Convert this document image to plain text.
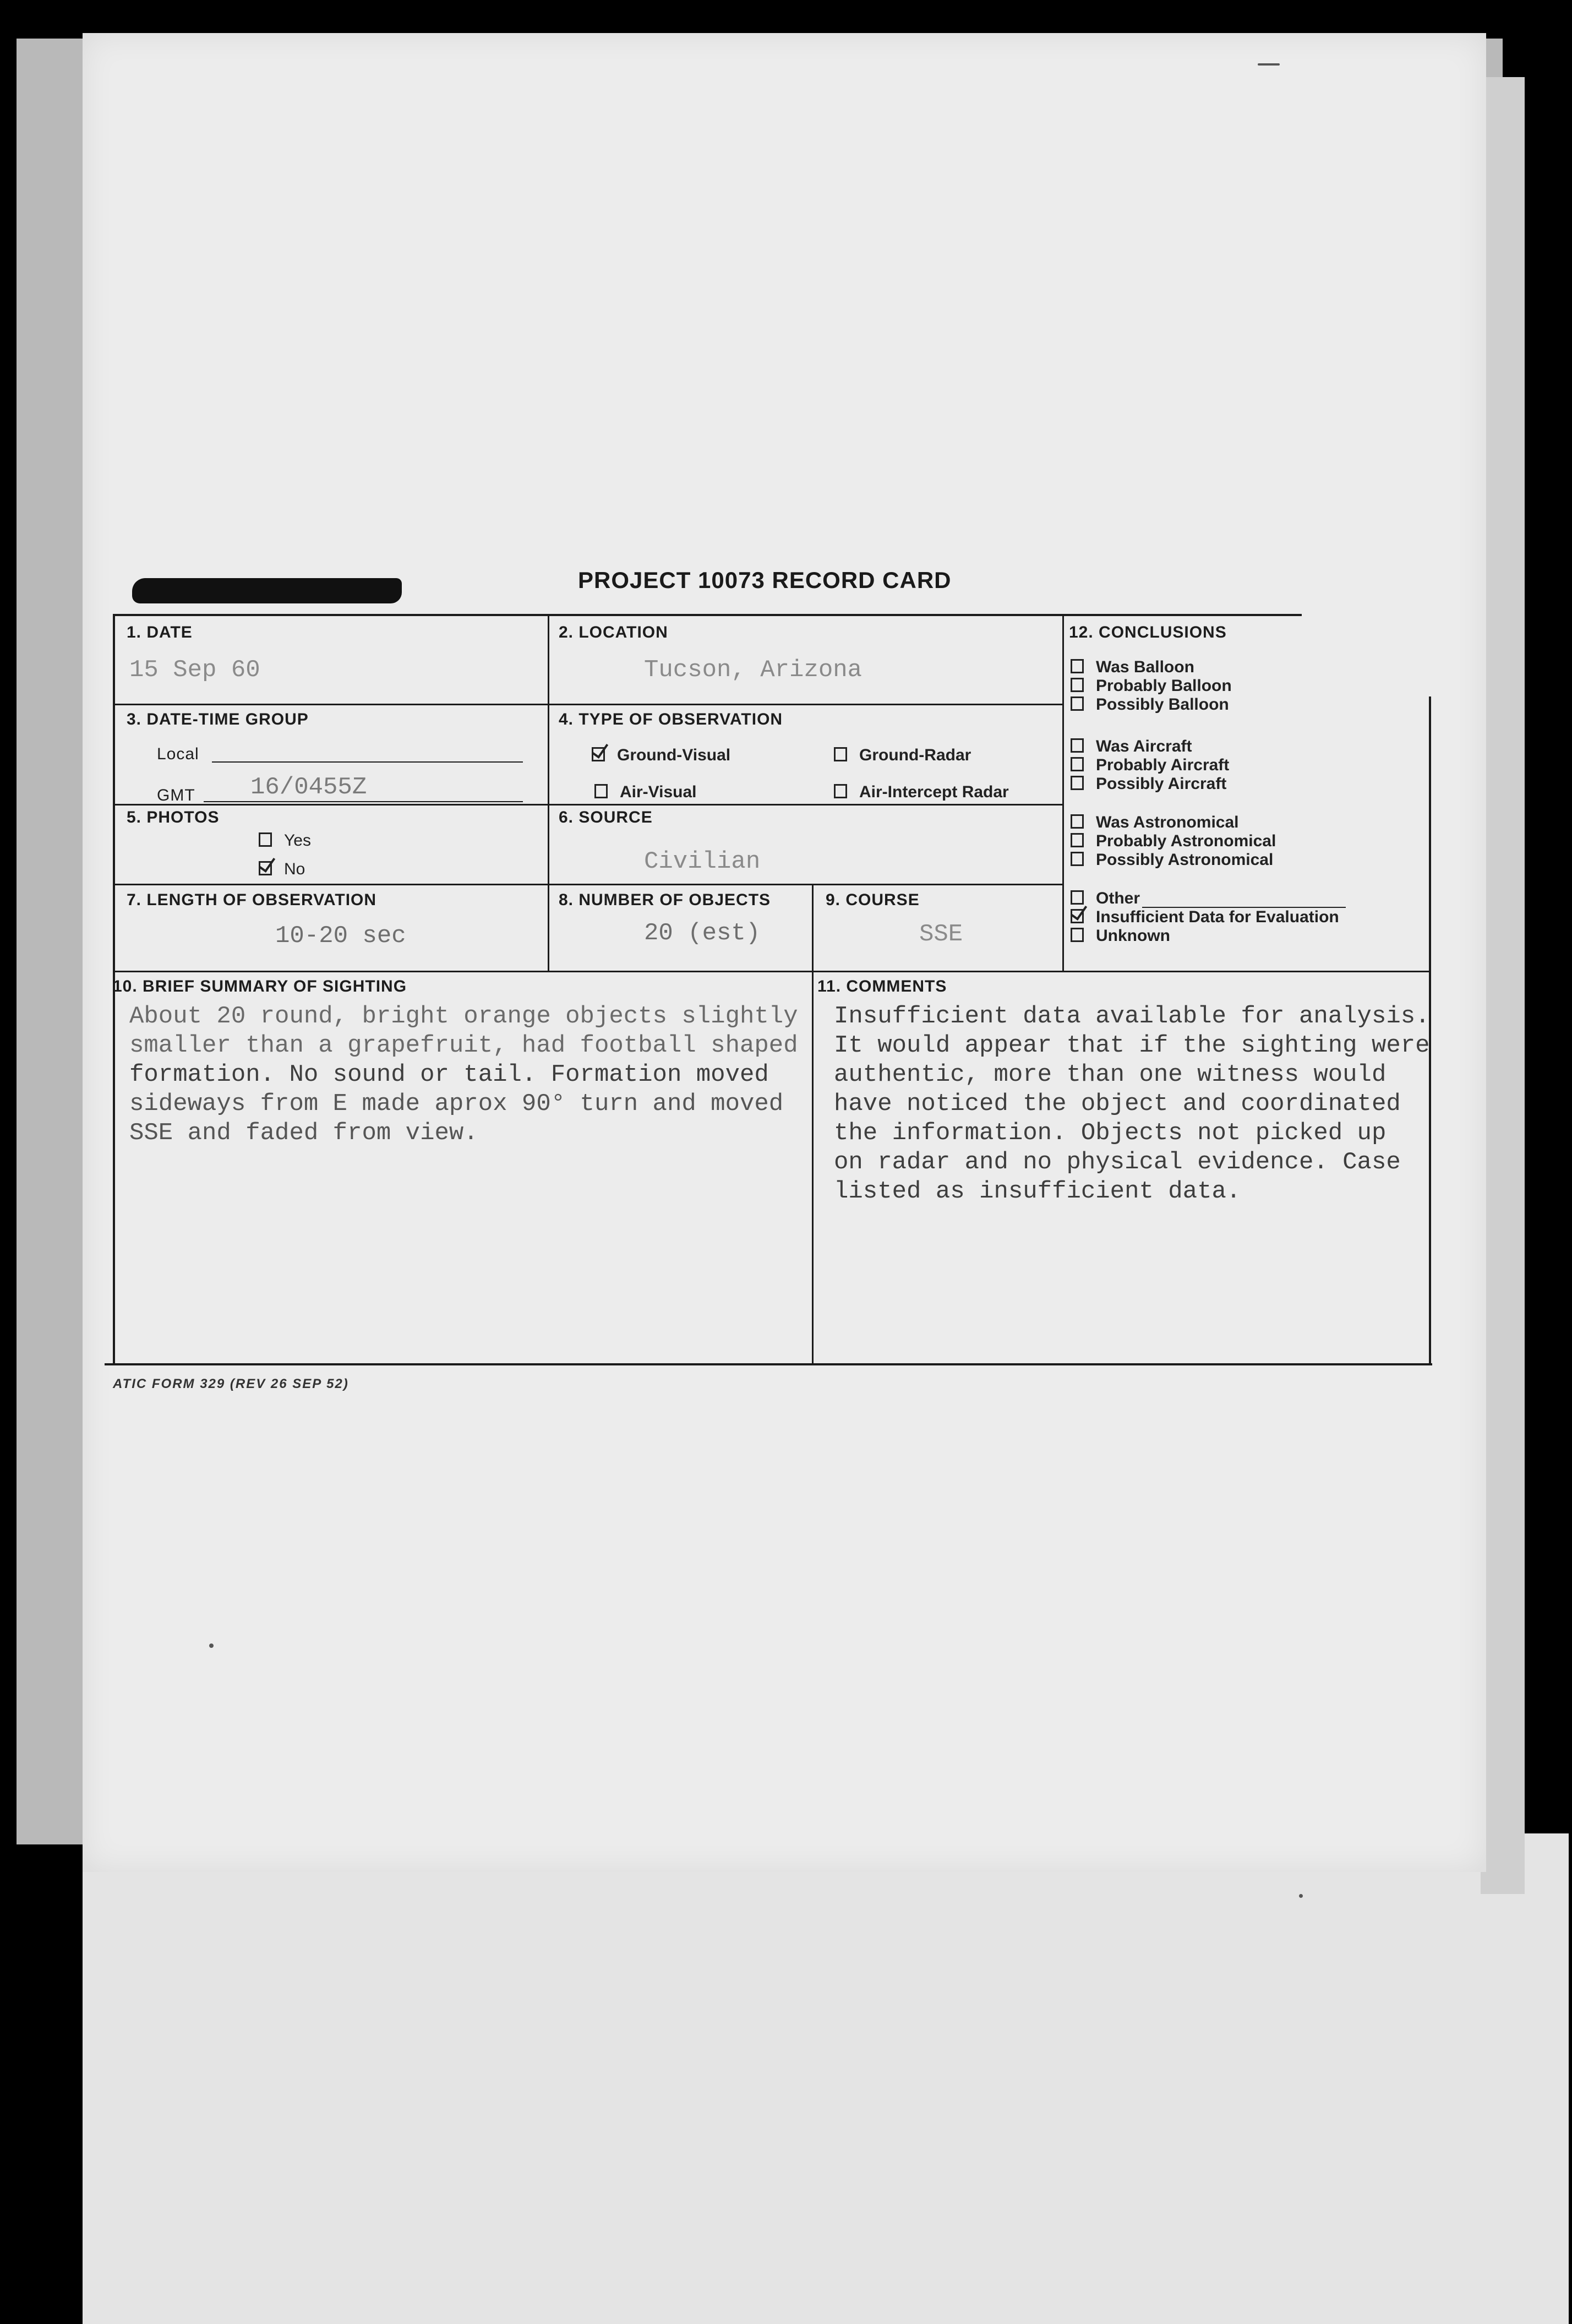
PROJECT 10073 RECORD CARD
1. DATE
15 Sep 60
2. LOCATION
Tucson, Arizona
3. DATE-TIME GROUP
Local
GMT 16/0455Z
4. TYPE OF OBSERVATION
Ground-Visual	Ground-Radar
Air-Visual	Air-Intercept Radar
5. PHOTOS
Yes
No
6. SOURCE
Civilian
7. LENGTH OF OBSERVATION
10-20 sec
8. NUMBER OF OBJECTS
20 (est)
9. COURSE
SSE
12. CONCLUSIONS
Was Balloon
Probably Balloon
Possibly Balloon
Was Aircraft
Probably Aircraft
Possibly Aircraft
Was Astronomical
Probably Astronomical
Possibly Astronomical
Other
Insufficient Data for Evaluation
Unknown
10. BRIEF SUMMARY OF SIGHTING
About 20 round, bright orange objects slightly
smaller than a grapefruit, had football shaped
formation. No sound or tail. Formation moved
sideways from E made aprox 90° turn and moved
SSE and faded from view.
11. COMMENTS
Insufficient data available for analysis.
It would appear that if the sighting were
authentic, more than one witness would
have noticed the object and coordinated
the information. Objects not picked up
on radar and no physical evidence. Case
listed as insufficient data.
ATIC FORM 329 (REV 26 SEP 52)
